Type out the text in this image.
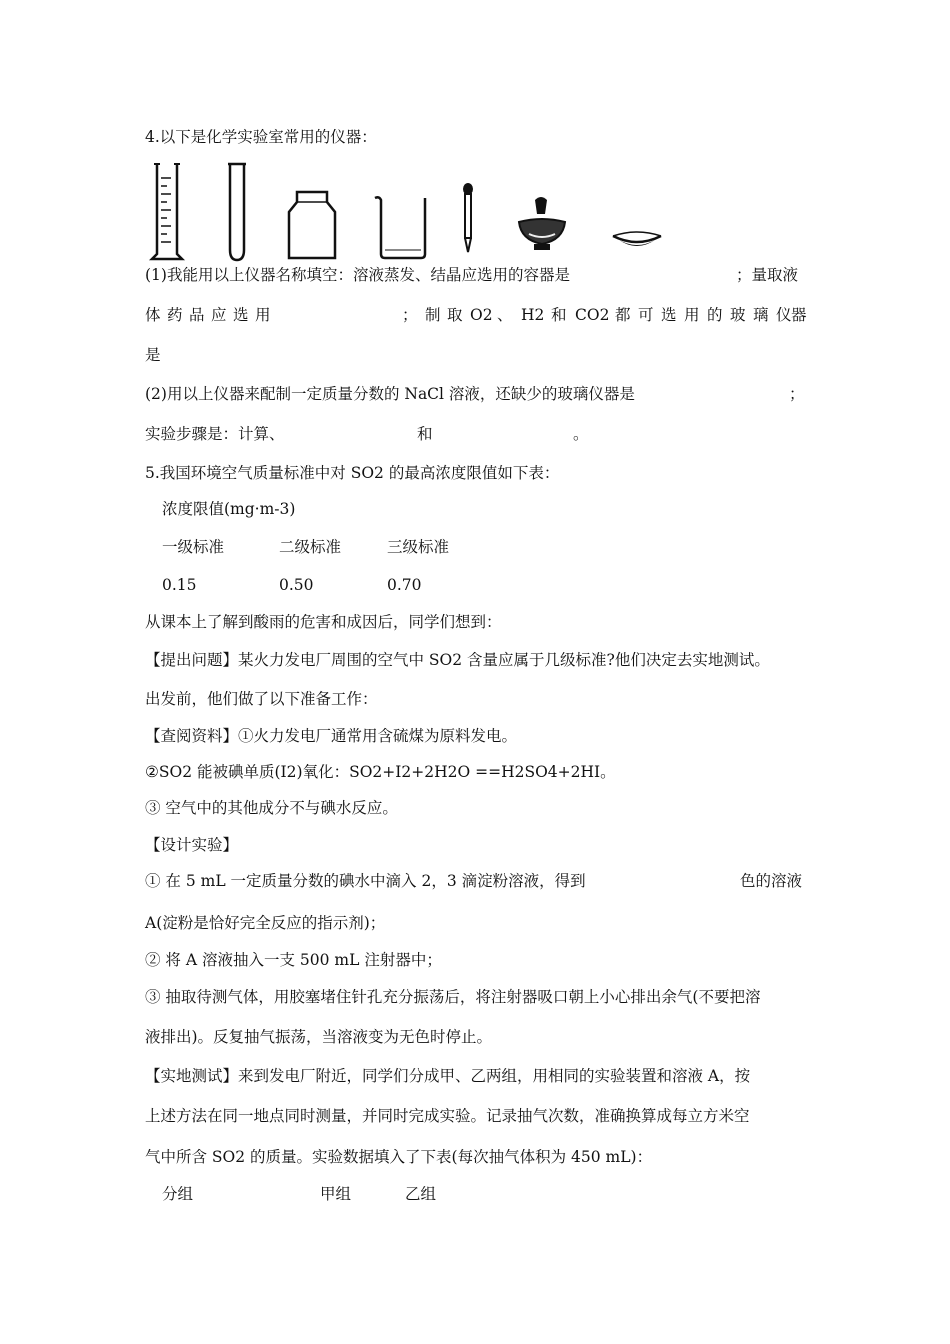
4.以下是化学实验室常用的仪器：
(1)我能用以上仪器名称填空：溶液蒸发、结晶应选用的容器是	；量取液
体 药 品 应 选 用	； 制 取 O2 、 H2 和 CO2 都 可 选 用 的 玻 璃 仪 器
是
(2)用以上仪器来配制一定质量分数的 NaCl 溶液，还缺少的玻璃仪器是	；
实验步骤是：计算、	和	。
5.我国环境空气质量标准中对 SO2 的最高浓度限值如下表：
浓度限值(mg·m-3)
一级标准	二级标准	三级标准
0.15	0.50	0.70
从课本上了解到酸雨的危害和成因后，同学们想到：
【提出问题】某火力发电厂周围的空气中 SO2 含量应属于几级标准?他们决定去实地测试。
出发前，他们做了以下准备工作：
【查阅资料】①火力发电厂通常用含硫煤为原料发电。
②SO2 能被碘单质(I2)氧化：SO2+I2+2H2O ==H2SO4+2HI。
③ 空气中的其他成分不与碘水反应。
【设计实验】
① 在 5 mL 一定质量分数的碘水中滴入 2，3 滴淀粉溶液，得到	色的溶液
A(淀粉是恰好完全反应的指示剂)；
② 将 A 溶液抽入一支 500 mL 注射器中；
③ 抽取待测气体，用胶塞堵住针孔充分振荡后，将注射器吸口朝上小心排出余气(不要把溶
液排出)。反复抽气振荡，当溶液变为无色时停止。
【实地测试】来到发电厂附近，同学们分成甲、乙两组，用相同的实验装置和溶液 A，按
上述方法在同一地点同时测量，并同时完成实验。记录抽气次数，准确换算成每立方米空
气中所含 SO2 的质量。实验数据填入了下表(每次抽气体积为 450 mL)：
分组	甲组	乙组
